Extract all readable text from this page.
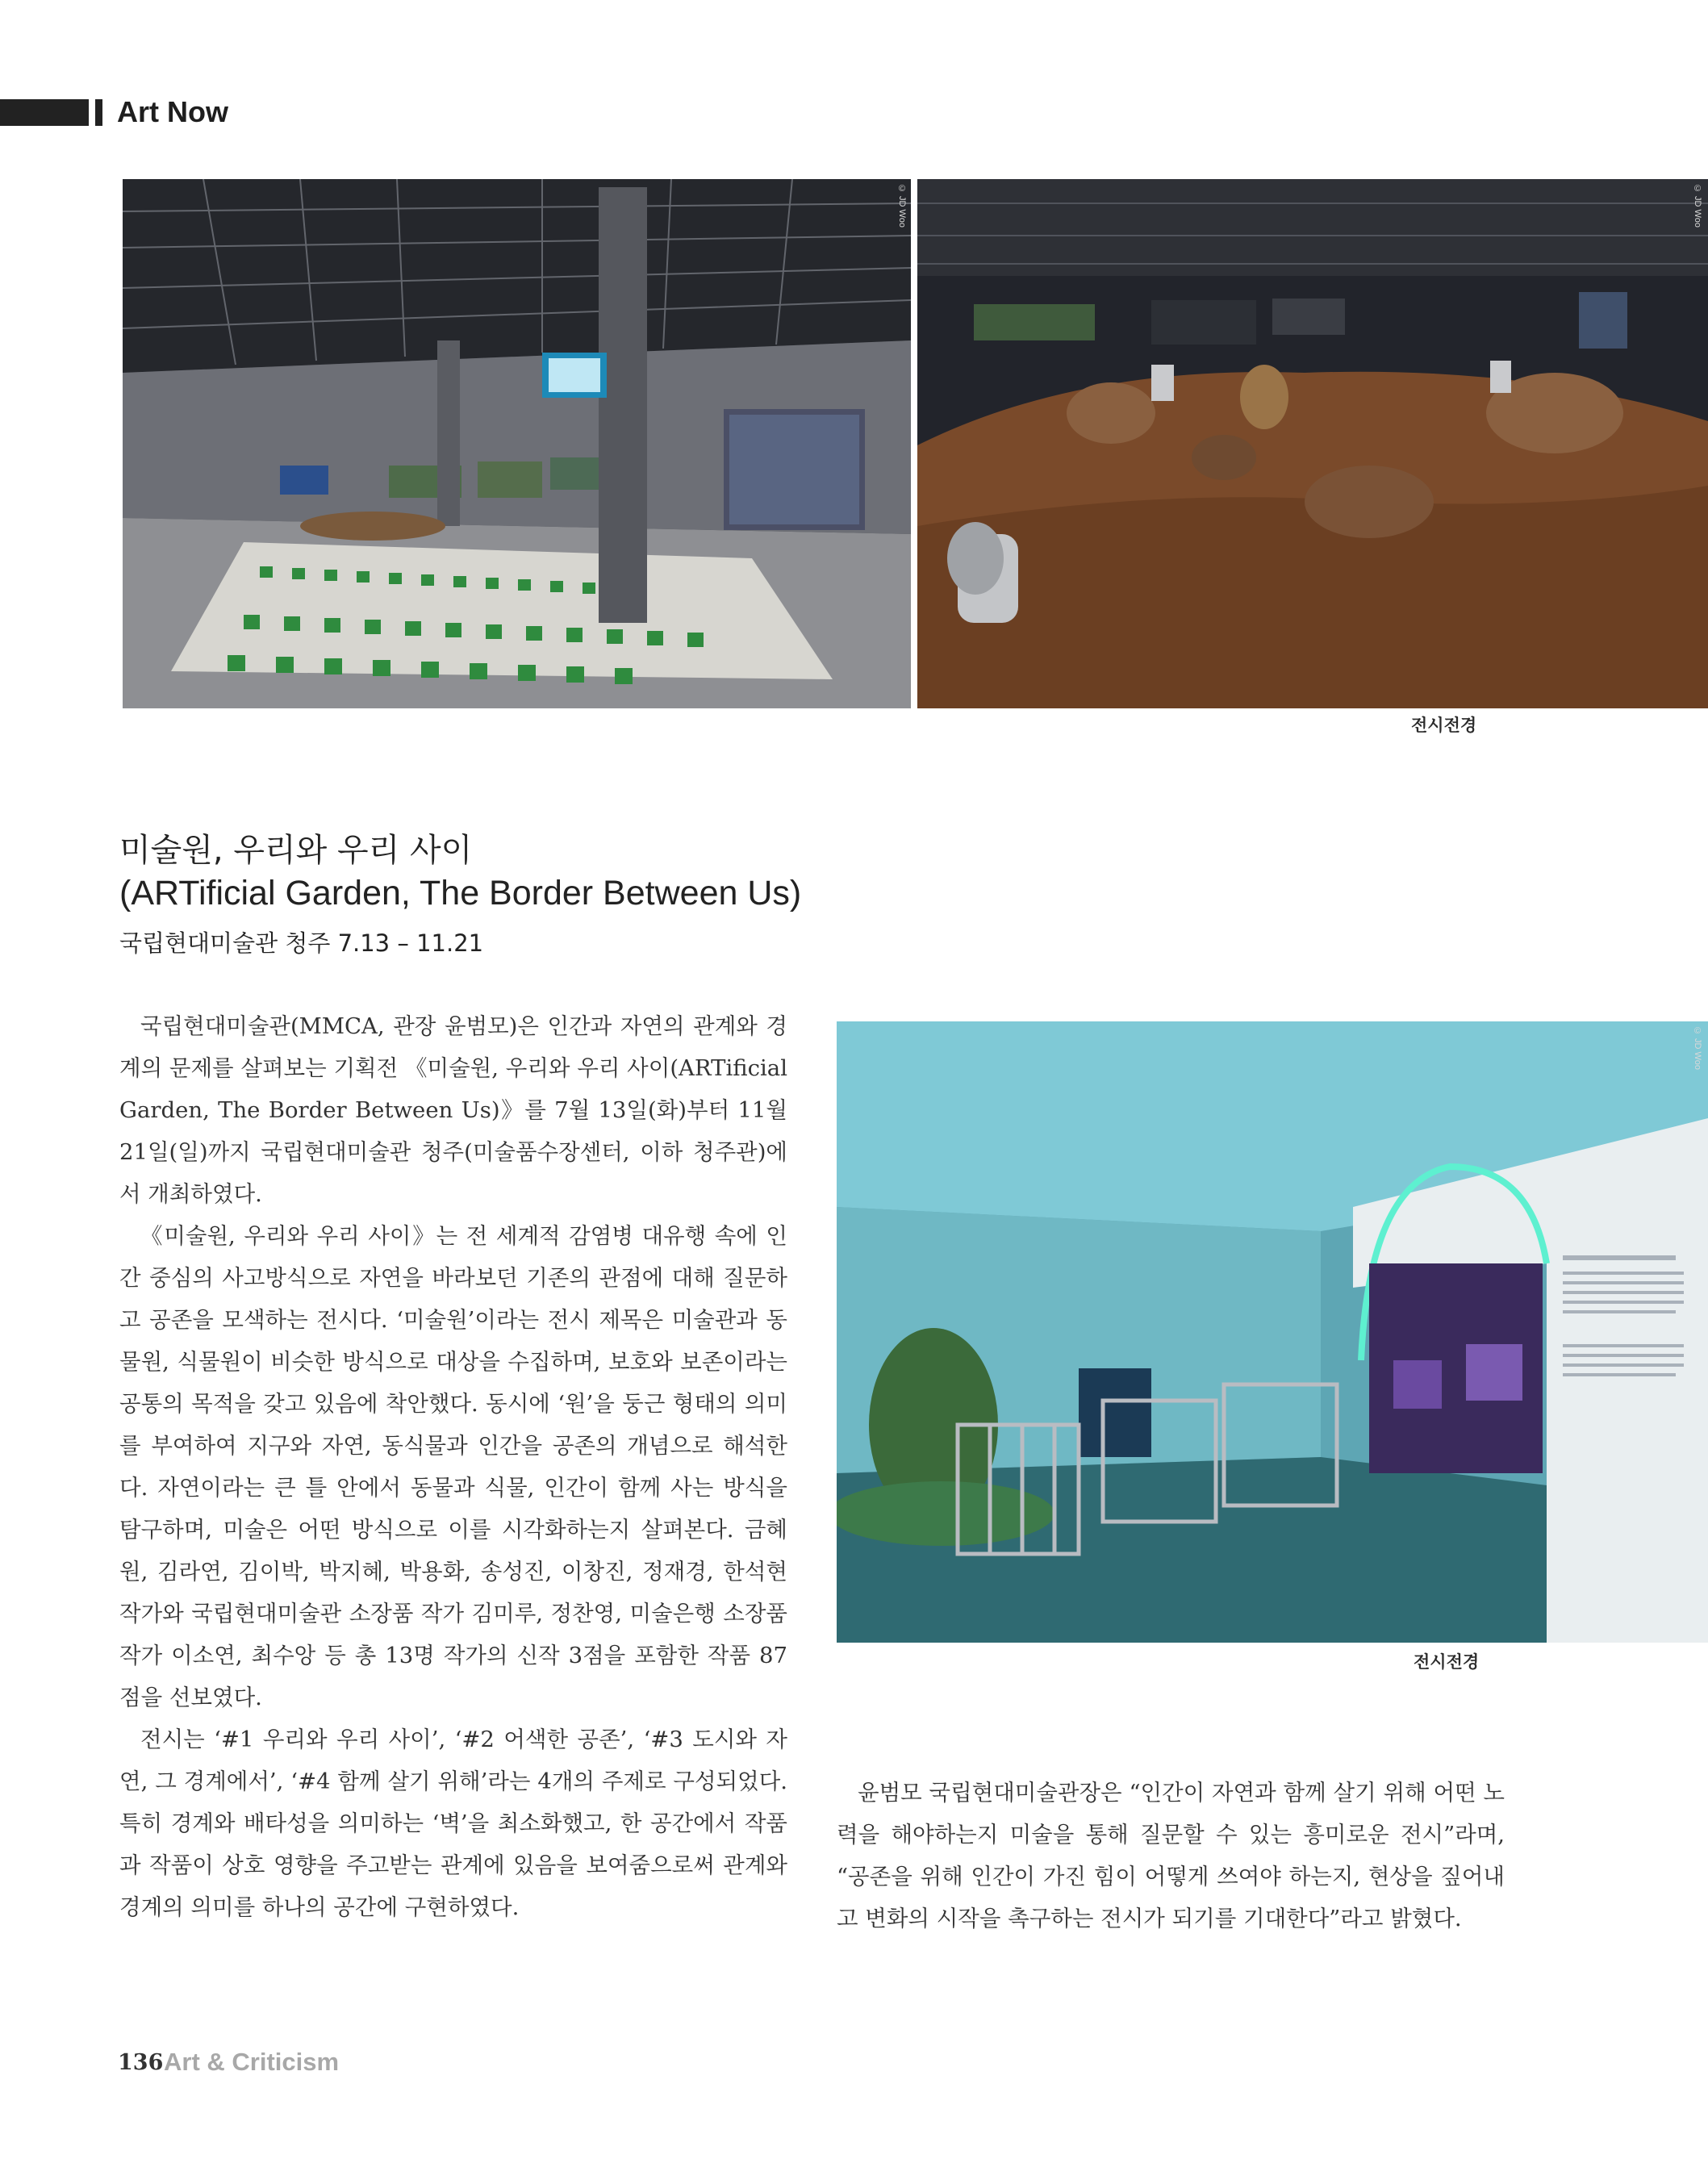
Art Now
© JD Woo	© JD Woo
전시전경
미술원, 우리와 우리 사이
(ARTificial Garden, The Border Between Us)
국립현대미술관 청주 7.13 – 11.21

국립현대미술관(MMCA, 관장 윤범모)은 인간과 자연의 관계와 경계의 문제를 살펴보는 기획전 《미술원, 우리와 우리 사이(ARTificial Garden, The Border Between Us)》를 7월 13일(화)부터 11월 21일(일)까지 국립현대미술관 청주(미술품수장센터, 이하 청주관)에서 개최하였다.

《미술원, 우리와 우리 사이》는 전 세계적 감염병 대유행 속에 인간 중심의 사고방식으로 자연을 바라보던 기존의 관점에 대해 질문하고 공존을 모색하는 전시다. ‘미술원’이라는 전시 제목은 미술관과 동물원, 식물원이 비슷한 방식으로 대상을 수집하며, 보호와 보존이라는 공통의 목적을 갖고 있음에 착안했다. 동시에 ‘원’을 둥근 형태의 의미를 부여하여 지구와 자연, 동식물과 인간을 공존의 개념으로 해석한다. 자연이라는 큰 틀 안에서 동물과 식물, 인간이 함께 사는 방식을 탐구하며, 미술은 어떤 방식으로 이를 시각화하는지 살펴본다. 금혜원, 김라연, 김이박, 박지혜, 박용화, 송성진, 이창진, 정재경, 한석현 작가와 국립현대미술관 소장품 작가 김미루, 정찬영, 미술은행 소장품 작가 이소연, 최수앙 등 총 13명 작가의 신작 3점을 포함한 작품 87점을 선보였다.

전시는 ‘#1 우리와 우리 사이’, ‘#2 어색한 공존’, ‘#3 도시와 자연, 그 경계에서’, ‘#4 함께 살기 위해’라는 4개의 주제로 구성되었다. 특히 경계와 배타성을 의미하는 ‘벽’을 최소화했고, 한 공간에서 작품과 작품이 상호 영향을 주고받는 관계에 있음을 보여줌으로써 관계와 경계의 의미를 하나의 공간에 구현하였다.

© JD Woo
전시전경

윤범모 국립현대미술관장은 “인간이 자연과 함께 살기 위해 어떤 노력을 해야하는지 미술을 통해 질문할 수 있는 흥미로운 전시”라며, “공존을 위해 인간이 가진 힘이 어떻게 쓰여야 하는지, 현상을 짚어내고 변화의 시작을 촉구하는 전시가 되기를 기대한다”라고 밝혔다.

136 Art & Criticism
